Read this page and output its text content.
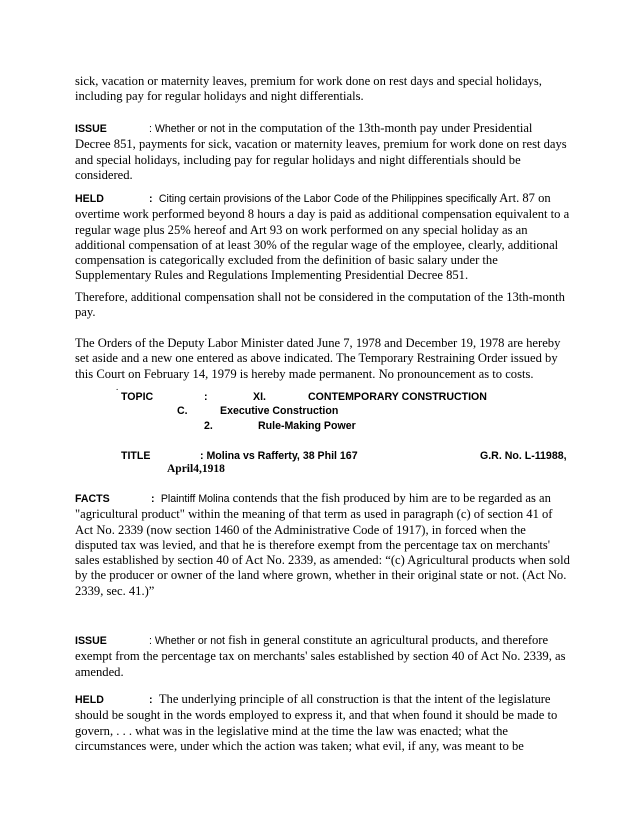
sick, vacation or maternity leaves, premium for work done on rest days and special holidays,
including pay for regular holidays and night differentials.

ISSUE	: Whether or not in the computation of the 13th-month pay under Presidential Decree 851, payments for sick, vacation or maternity leaves, premium for work done on rest days and special holidays, including pay for regular holidays and night differentials should be considered.

HELD	: Citing certain provisions of the Labor Code of the Philippines specifically Art. 87 on overtime work performed beyond 8 hours a day is paid as additional compensation equivalent to a regular wage plus 25% hereof and Art 93 on work performed on any special holiday as an additional compensation of at least 30% of the regular wage of the employee, clearly, additional compensation is categorically excluded from the definition of basic salary under the Supplementary Rules and Regulations Implementing Presidential Decree 851.

Therefore, additional compensation shall not be considered in the computation of the 13th-month pay.

The Orders of the Deputy Labor Minister dated June 7, 1978 and December 19, 1978 are hereby set aside and a new one entered as above indicated. The Temporary Restraining Order issued by this Court on February 14, 1979 is hereby made permanent. No pronouncement as to costs.

.
TOPIC	:	XI.	CONTEMPORARY CONSTRUCTION
C.	Executive Construction
2.	Rule-Making Power
TITLE	: Molina vs Rafferty, 38 Phil 167	G.R. No. L-11988,
April4,1918

FACTS	: Plaintiff Molina contends that the fish produced by him are to be regarded as an "agricultural product" within the meaning of that term as used in paragraph (c) of section 41 of Act No. 2339 (now section 1460 of the Administrative Code of 1917), in forced when the disputed tax was levied, and that he is therefore exempt from the percentage tax on merchants' sales established by section 40 of Act No. 2339, as amended: “(c) Agricultural products when sold by the producer or owner of the land where grown, whether in their original state or not. (Act No. 2339, sec. 41.)”

ISSUE	: Whether or not fish in general constitute an agricultural products, and therefore exempt from the percentage tax on merchants' sales established by section 40 of Act No. 2339, as amended.

HELD	: The underlying principle of all construction is that the intent of the legislature should be sought in the words employed to express it, and that when found it should be made to govern, . . . what was in the legislative mind at the time the law was enacted; what the circumstances were, under which the action was taken; what evil, if any, was meant to be
